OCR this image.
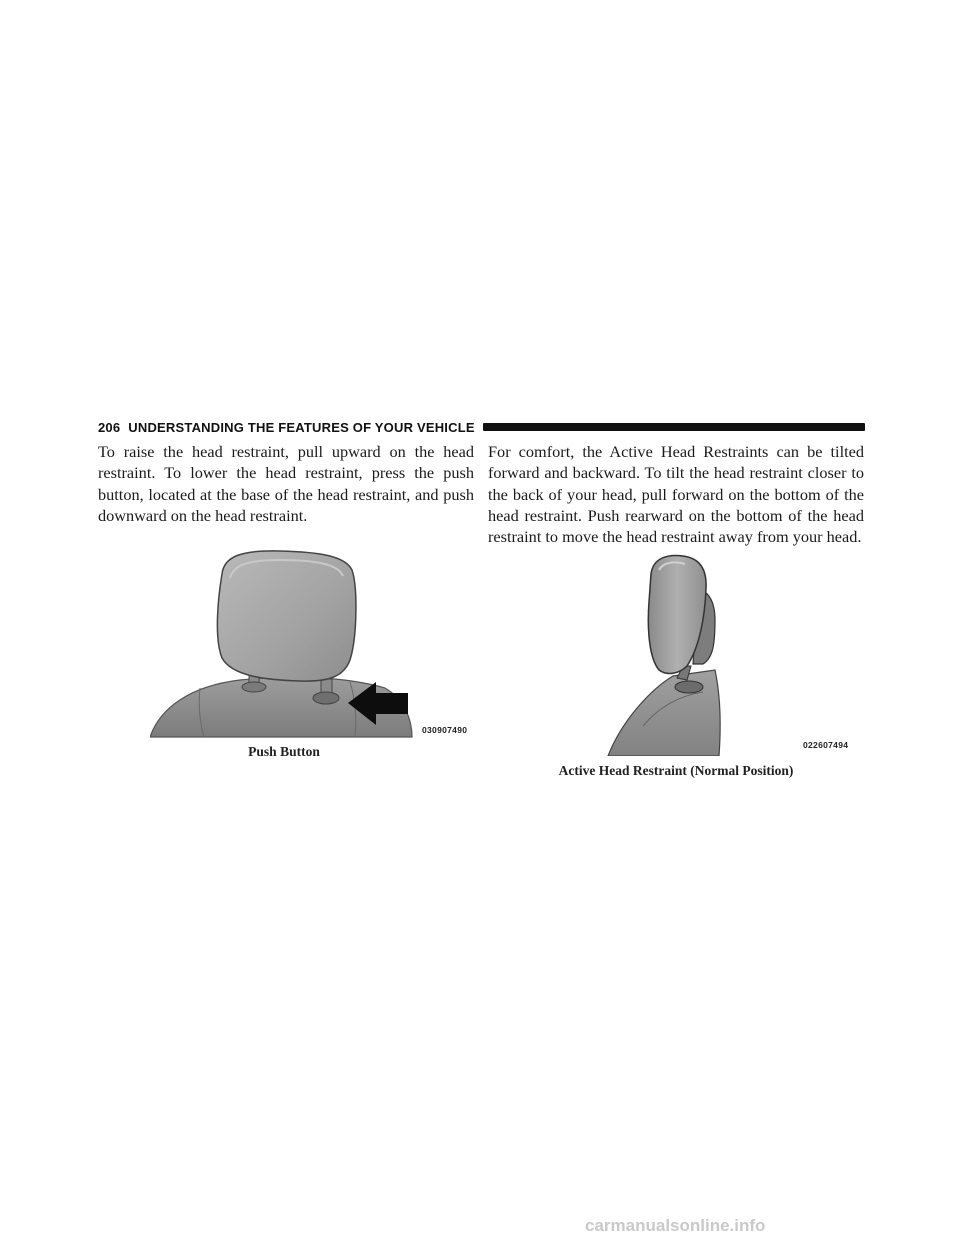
206 UNDERSTANDING THE FEATURES OF YOUR VEHICLE

To raise the head restraint, pull upward on the head restraint. To lower the head restraint, press the push button, located at the base of the head restraint, and push downward on the head restraint.

For comfort, the Active Head Restraints can be tilted forward and backward. To tilt the head restraint closer to the back of your head, pull forward on the bottom of the head restraint. Push rearward on the bottom of the head restraint to move the head restraint away from your head.

030907490
022607494
Push Button
Active Head Restraint (Normal Position)
carmanualsonline.info
